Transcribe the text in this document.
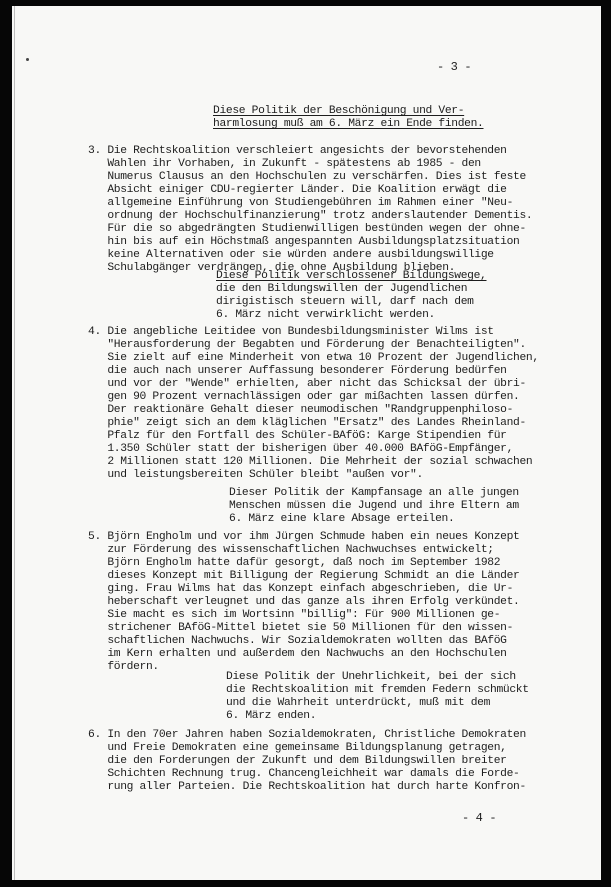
- 3 -

Diese Politik der Beschönigung und Ver-

harmlosung muß am 6. März ein Ende finden.

3. Die Rechtskoalition verschleiert angesichts der bevorstehenden

Wahlen ihr Vorhaben, in Zukunft - spätestens ab 1985 - den

Numerus Clausus an den Hochschulen zu verschärfen. Dies ist feste

Absicht einiger CDU-regierter Länder. Die Koalition erwägt die

allgemeine Einführung von Studiengebühren im Rahmen einer "Neu-

ordnung der Hochschulfinanzierung" trotz anderslautender Dementis.

Für die so abgedrängten Studienwilligen bestünden wegen der ohne-

hin bis auf ein Höchstmaß angespannten Ausbildungsplatzsituation

keine Alternativen oder sie würden andere ausbildungswillige

Schulabgänger verdrängen, die ohne Ausbildung blieben.

Diese Politik verschlossener Bildungswege,

die den Bildungswillen der Jugendlichen

dirigistisch steuern will, darf nach dem

6. März nicht verwirklicht werden.

4. Die angebliche Leitidee von Bundesbildungsminister Wilms ist

"Herausforderung der Begabten und Förderung der Benachteiligten".

Sie zielt auf eine Minderheit von etwa 10 Prozent der Jugendlichen,

die auch nach unserer Auffassung besonderer Förderung bedürfen

und vor der "Wende" erhielten, aber nicht das Schicksal der übri-

gen 90 Prozent vernachlässigen oder gar mißachten lassen dürfen.

Der reaktionäre Gehalt dieser neumodischen "Randgruppenphiloso-

phie" zeigt sich an dem kläglichen "Ersatz" des Landes Rheinland-

Pfalz für den Fortfall des Schüler-BAföG: Karge Stipendien für

1.350 Schüler statt der bisherigen über 40.000 BAföG-Empfänger,

2 Millionen statt 120 Millionen. Die Mehrheit der sozial schwachen

und leistungsbereiten Schüler bleibt "außen vor".

Dieser Politik der Kampfansage an alle jungen

Menschen müssen die Jugend und ihre Eltern am

6. März eine klare Absage erteilen.

5. Björn Engholm und vor ihm Jürgen Schmude haben ein neues Konzept

zur Förderung des wissenschaftlichen Nachwuchses entwickelt;

Björn Engholm hatte dafür gesorgt, daß noch im September 1982

dieses Konzept mit Billigung der Regierung Schmidt an die Länder

ging. Frau Wilms hat das Konzept einfach abgeschrieben, die Ur-

heberschaft verleugnet und das ganze als ihren Erfolg verkündet.

Sie macht es sich im Wortsinn "billig": Für 900 Millionen ge-

strichener BAföG-Mittel bietet sie 50 Millionen für den wissen-

schaftlichen Nachwuchs. Wir Sozialdemokraten wollten das BAföG

im Kern erhalten und außerdem den Nachwuchs an den Hochschulen

fördern.

Diese Politik der Unehrlichkeit, bei der sich

die Rechtskoalition mit fremden Federn schmückt

und die Wahrheit unterdrückt, muß mit dem

6. März enden.

6. In den 70er Jahren haben Sozialdemokraten, Christliche Demokraten

und Freie Demokraten eine gemeinsame Bildungsplanung getragen,

die den Forderungen der Zukunft und dem Bildungswillen breiter

Schichten Rechnung trug. Chancengleichheit war damals die Forde-

rung aller Parteien. Die Rechtskoalition hat durch harte Konfron-

- 4 -
